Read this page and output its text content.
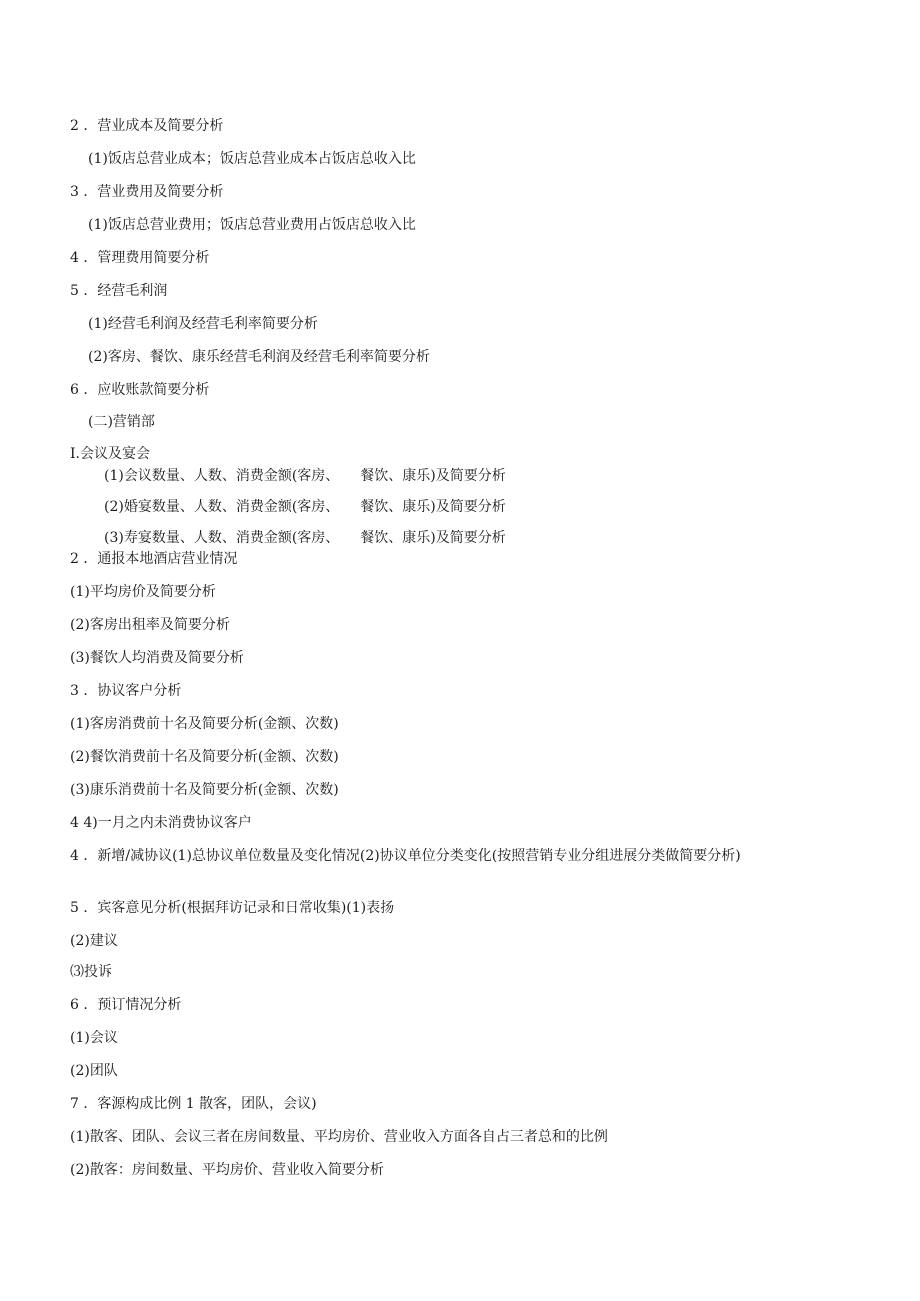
2 ．营业成本及简要分析
(1)饭店总营业成本；饭店总营业成本占饭店总收入比
3 ．营业费用及简要分析
(1)饭店总营业费用；饭店总营业费用占饭店总收入比
4 ．管理费用简要分析
5 ．经营毛利润
(1)经营毛利润及经营毛利率简要分析
(2)客房、餐饮、康乐经营毛利润及经营毛利率简要分析
6 ．应收账款简要分析
(二)营销部
I.会议及宴会
(1)会议数量、人数、消费金额(客房、　　餐饮、康乐)及简要分析
(2)婚宴数量、人数、消费金额(客房、　　餐饮、康乐)及简要分析
(3)寿宴数量、人数、消费金额(客房、　　餐饮、康乐)及简要分析
2 ．通报本地酒店营业情况
(1)平均房价及简要分析
(2)客房出租率及简要分析
(3)餐饮人均消费及简要分析
3 ．协议客户分析
(1)客房消费前十名及简要分析(金额、次数)
(2)餐饮消费前十名及简要分析(金额、次数)
(3)康乐消费前十名及简要分析(金额、次数)
4 4)一月之内未消费协议客户
4 ．新增/减协议(1)总协议单位数量及变化情况(2)协议单位分类变化(按照营销专业分组进展分类做简要分析)
5 ．宾客意见分析(根据拜访记录和日常收集)(1)表扬
(2)建议
⑶投诉
6 ．预订情况分析
(1)会议
(2)团队
7 ．客源构成比例 1 散客，团队，会议)
(1)散客、团队、会议三者在房间数量、平均房价、营业收入方面各自占三者总和的比例
(2)散客：房间数量、平均房价、营业收入简要分析
